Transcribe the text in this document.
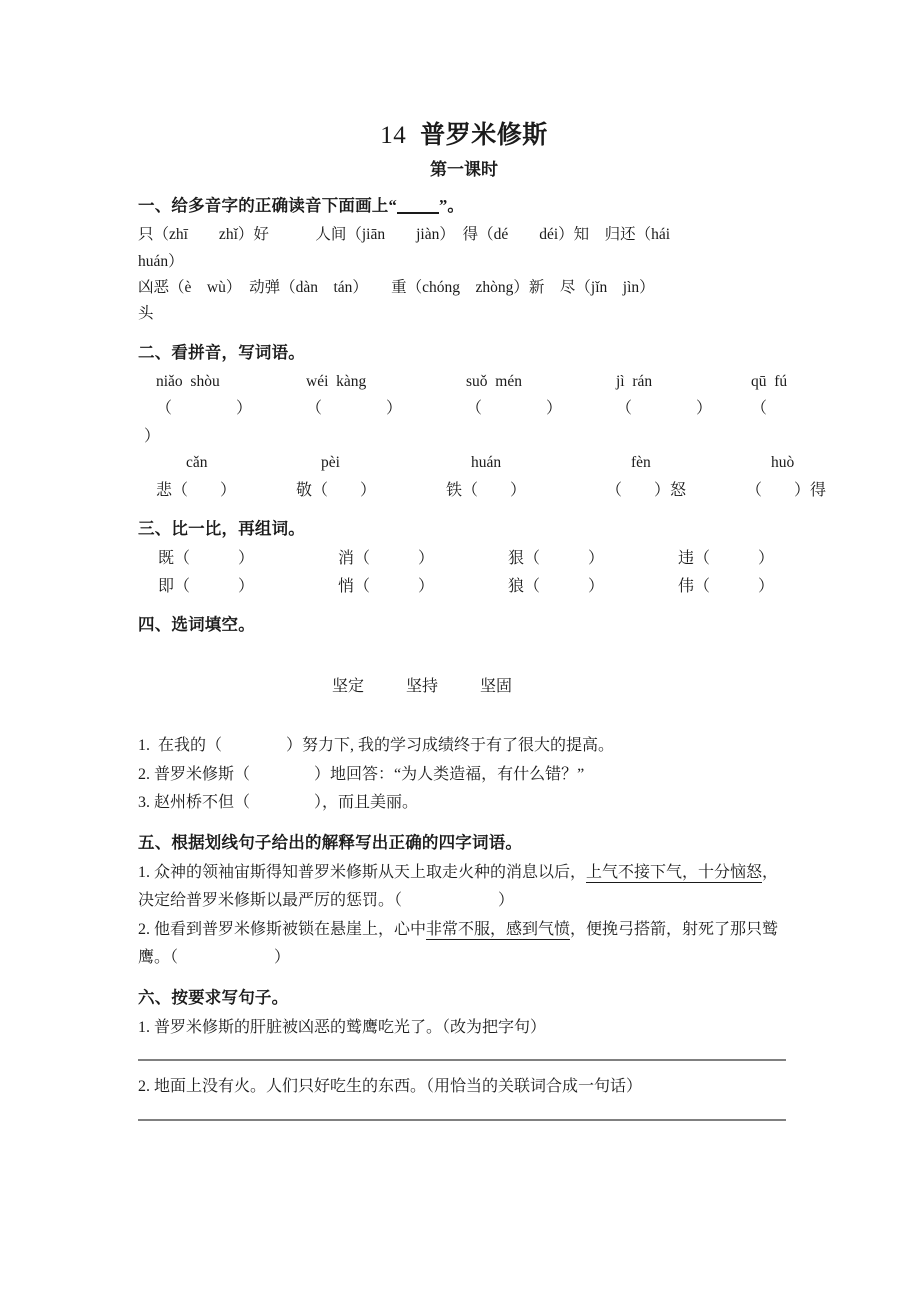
14 普罗米修斯
第一课时
一、给多音字的正确读音下面画上“	”。
只（zhī　　zhǐ）好　　　人间（jiān　　jiàn）　得（dé　　déi）知　归还（hái
huán）
凶恶（è　wù）　动弹（dàn　tán）　　重（chóng　zhòng）新　尽（jǐn　jìn）
头
二、看拼音，写词语。
niǎo  shòu	wéi  kàng	suǒ  mén	jì  rán	qū  fú
（　　　　）	（　　　　）	（　　　　）	（　　　　）	（
）
cǎn	pèi	huán	fèn	huò
悲（　　）	敬（　　）	铁（　　）	（　　）怒	（　　）得
三、比一比，再组词。
既（　　　）	消（　　　）	狠（　　　）	违（　　　）
即（　　　）	悄（　　　）	狼（　　　）	伟（　　　）
四、选词填空。

坚定	坚持	坚固

1.  在我的（　　　　）努力下, 我的学习成绩终于有了很大的提高。
2. 普罗米修斯（　　　　）地回答：“为人类造福，有什么错？”
3. 赵州桥不但（　　　　），而且美丽。
五、根据划线句子给出的解释写出正确的四字词语。
1. 众神的领袖宙斯得知普罗米修斯从天上取走火种的消息以后，上气不接下气，十分恼怒，决定给普罗米修斯以最严厉的惩罚。（　　　　　　）
2. 他看到普罗米修斯被锁在悬崖上，心中非常不服，感到气愤，便挽弓搭箭，射死了那只鹫鹰。（　　　　　　）
六、按要求写句子。
1. 普罗米修斯的肝脏被凶恶的鹫鹰吃光了。（改为把字句）
2. 地面上没有火。人们只好吃生的东西。（用恰当的关联词合成一句话）
